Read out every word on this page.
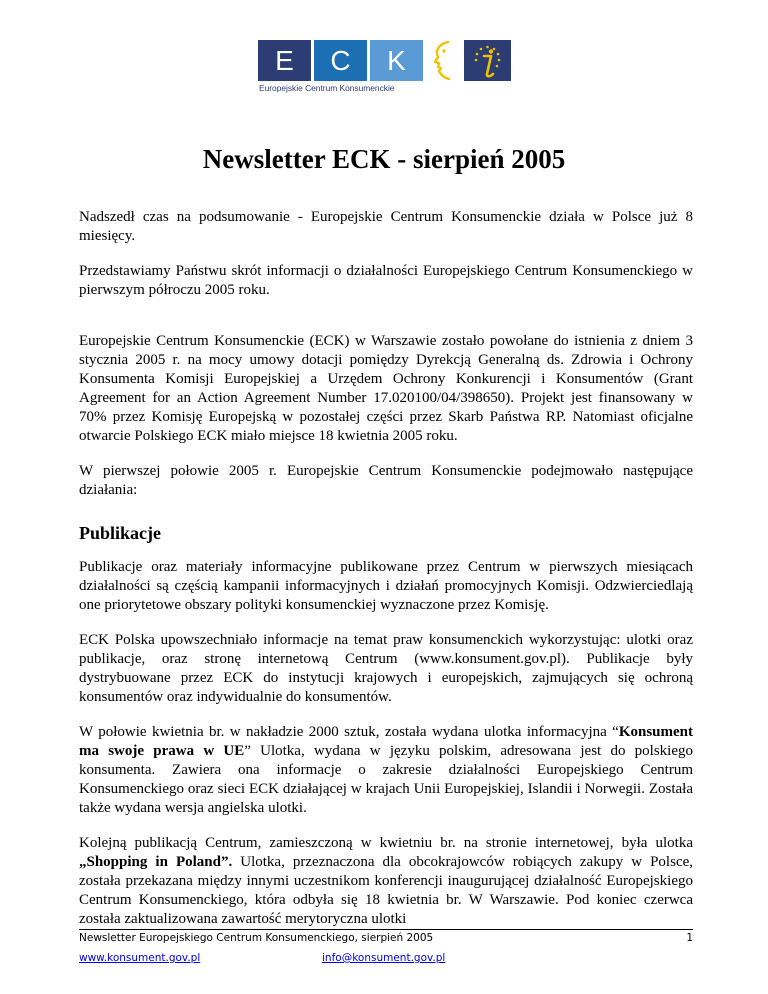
E C K
Europejskie Centrum Konsumenckie
Newsletter ECK - sierpień 2005

Nadszedł czas na podsumowanie - Europejskie Centrum Konsumenckie działa w Polsce już 8 miesięcy.

Przedstawiamy Państwu skrót informacji o działalności Europejskiego Centrum Konsumenckiego w pierwszym półroczu 2005 roku.

Europejskie Centrum Konsumenckie (ECK) w Warszawie zostało powołane do istnienia z dniem 3 stycznia 2005 r. na mocy umowy dotacji pomiędzy Dyrekcją Generalną ds. Zdrowia i Ochrony Konsumenta Komisji Europejskiej a Urzędem Ochrony Konkurencji i Konsumentów (Grant Agreement for an Action Agreement Number 17.020100/04/398650). Projekt jest finansowany w 70% przez Komisję Europejską w pozostałej części przez Skarb Państwa RP. Natomiast oficjalne otwarcie Polskiego ECK miało miejsce 18 kwietnia 2005 roku.

W pierwszej połowie 2005 r. Europejskie Centrum Konsumenckie podejmowało następujące działania:

Publikacje

Publikacje oraz materiały informacyjne publikowane przez Centrum w pierwszych miesiącach działalności są częścią kampanii informacyjnych i działań promocyjnych Komisji. Odzwierciedlają one priorytetowe obszary polityki konsumenckiej wyznaczone przez Komisję.

ECK Polska upowszechniało informacje na temat praw konsumenckich wykorzystując: ulotki oraz publikacje, oraz stronę internetową Centrum (www.konsument.gov.pl). Publikacje były dystrybuowane przez ECK do instytucji krajowych i europejskich, zajmujących się ochroną konsumentów oraz indywidualnie do konsumentów.

W połowie kwietnia br. w nakładzie 2000 sztuk, została wydana ulotka informacyjna “Konsument ma swoje prawa w UE” Ulotka, wydana w języku polskim, adresowana jest do polskiego konsumenta. Zawiera ona informacje o zakresie działalności Europejskiego Centrum Konsumenckiego oraz sieci ECK działającej w krajach Unii Europejskiej, Islandii i Norwegii. Została także wydana wersja angielska ulotki.

Kolejną publikacją Centrum, zamieszczoną w kwietniu br. na stronie internetowej, była ulotka „Shopping in Poland”. Ulotka, przeznaczona dla obcokrajowców robiących zakupy w Polsce, została przekazana między innymi uczestnikom konferencji inaugurującej działalność Europejskiego Centrum Konsumenckiego, która odbyła się 18 kwietnia br. W Warszawie. Pod koniec czerwca została zaktualizowana zawartość merytoryczna ulotki

Newsletter Europejskiego Centrum Konsumenckiego, sierpień 2005	1
www.konsument.gov.pl	info@konsument.gov.pl
